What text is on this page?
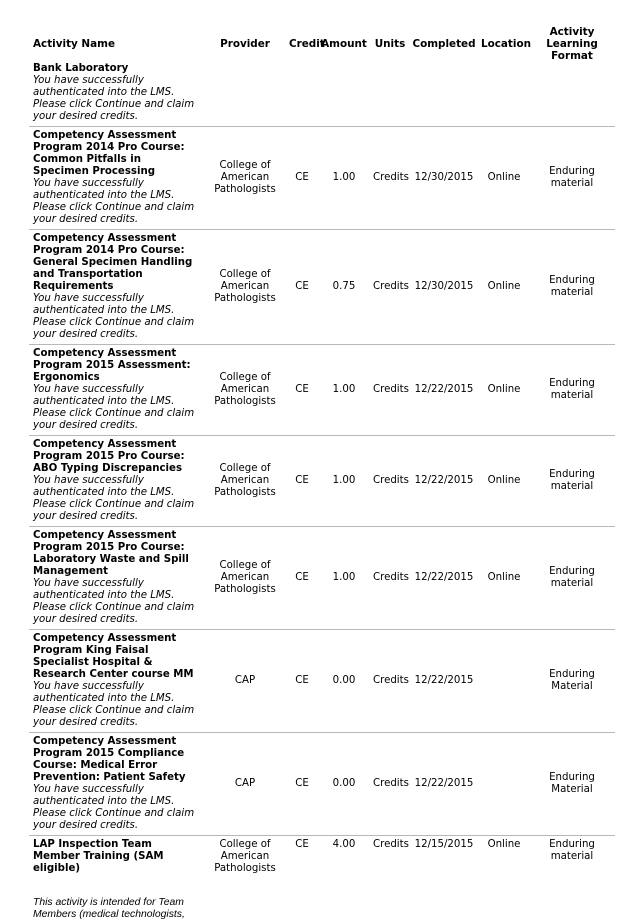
Activity Name	Provider	Credit	Amount	Units	Completed	Location	Activity Learning Format

Bank Laboratory
You have successfully authenticated into the LMS. Please click Continue and claim your desired credits.							

Competency Assessment Program 2014 Pro Course: Common Pitfalls in Specimen Processing
You have successfully authenticated into the LMS. Please click Continue and claim your desired credits.	College of American Pathologists	CE	1.00	Credits	12/30/2015	Online	Enduring material

Competency Assessment Program 2014 Pro Course: General Specimen Handling and Transportation Requirements
You have successfully authenticated into the LMS. Please click Continue and claim your desired credits.	College of American Pathologists	CE	0.75	Credits	12/30/2015	Online	Enduring material

Competency Assessment Program 2015 Assessment: Ergonomics
You have successfully authenticated into the LMS. Please click Continue and claim your desired credits.	College of American Pathologists	CE	1.00	Credits	12/22/2015	Online	Enduring material

Competency Assessment Program 2015 Pro Course: ABO Typing Discrepancies
You have successfully authenticated into the LMS. Please click Continue and claim your desired credits.	College of American Pathologists	CE	1.00	Credits	12/22/2015	Online	Enduring material

Competency Assessment Program 2015 Pro Course: Laboratory Waste and Spill Management
You have successfully authenticated into the LMS. Please click Continue and claim your desired credits.	College of American Pathologists	CE	1.00	Credits	12/22/2015	Online	Enduring material

Competency Assessment Program King Faisal Specialist Hospital & Research Center course MM
You have successfully authenticated into the LMS. Please click Continue and claim your desired credits.	CAP	CE	0.00	Credits	12/22/2015		Enduring Material

Competency Assessment Program 2015 Compliance Course: Medical Error Prevention: Patient Safety
You have successfully authenticated into the LMS. Please click Continue and claim your desired credits.	CAP	CE	0.00	Credits	12/22/2015		Enduring Material

LAP Inspection Team Member Training (SAM eligible)
This activity is intended for Team Members (medical technologists,	College of American Pathologists	CE	4.00	Credits	12/15/2015	Online	Enduring material
